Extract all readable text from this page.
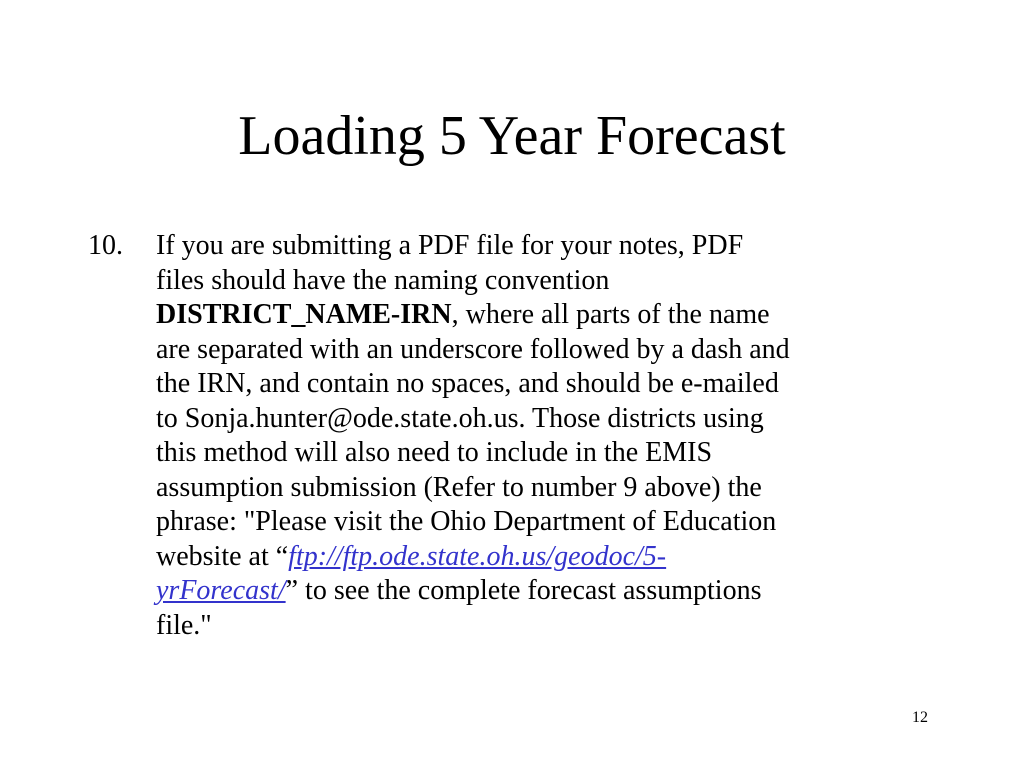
Loading 5 Year Forecast
10. If you are submitting a PDF file for your notes, PDF
files should have the naming convention
DISTRICT_NAME-IRN, where all parts of the name
are separated with an underscore followed by a dash and
the IRN, and contain no spaces, and should be e-mailed
to Sonja.hunter@ode.state.oh.us. Those districts using
this method will also need to include in the EMIS
assumption submission (Refer to number 9 above) the
phrase: "Please visit the Ohio Department of Education
website at “ftp://ftp.ode.state.oh.us/geodoc/5-
yrForecast/” to see the complete forecast assumptions
file."

12
